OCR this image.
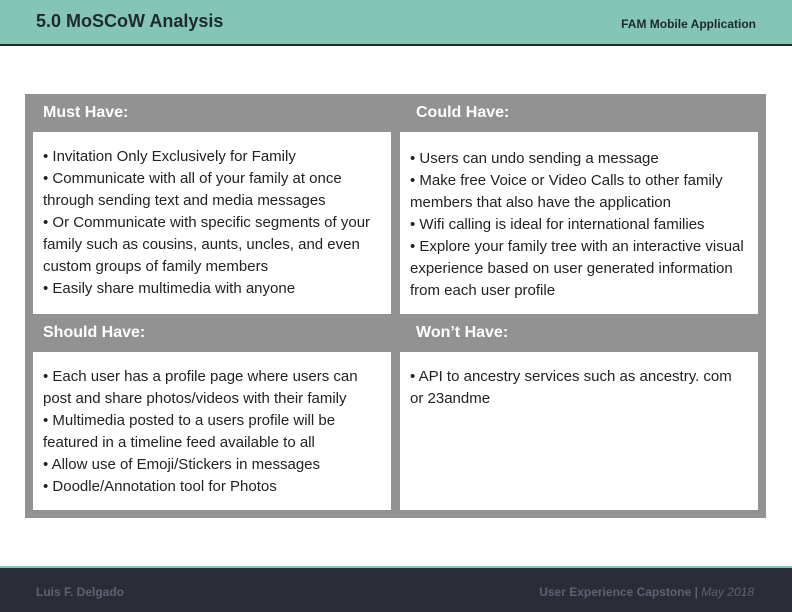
5.0 MoSCoW Analysis	FAM Mobile Application
Must Have:
• Invitation Only Exclusively for Family
• Communicate with all of your family at once through sending text and media messages
• Or Communicate with specific segments of your family such as cousins, aunts, uncles, and even custom groups of family members
• Easily share multimedia with anyone
Could Have:
• Users can undo sending a message
• Make free Voice or Video Calls to other family members that also have the application
• Wifi calling is ideal for international families
• Explore your family tree with an interactive visual experience based on user generated information from each user profile
Should Have:
• Each user has a profile page where users can post and share photos/videos with their family
• Multimedia posted to a users profile will be featured in a timeline feed available to all
• Allow use of Emoji/Stickers in messages
• Doodle/Annotation tool for Photos
Won’t Have:
• API to ancestry services such as ancestry. com or 23andme
Luis F. Delgado	User Experience Capstone | May 2018
